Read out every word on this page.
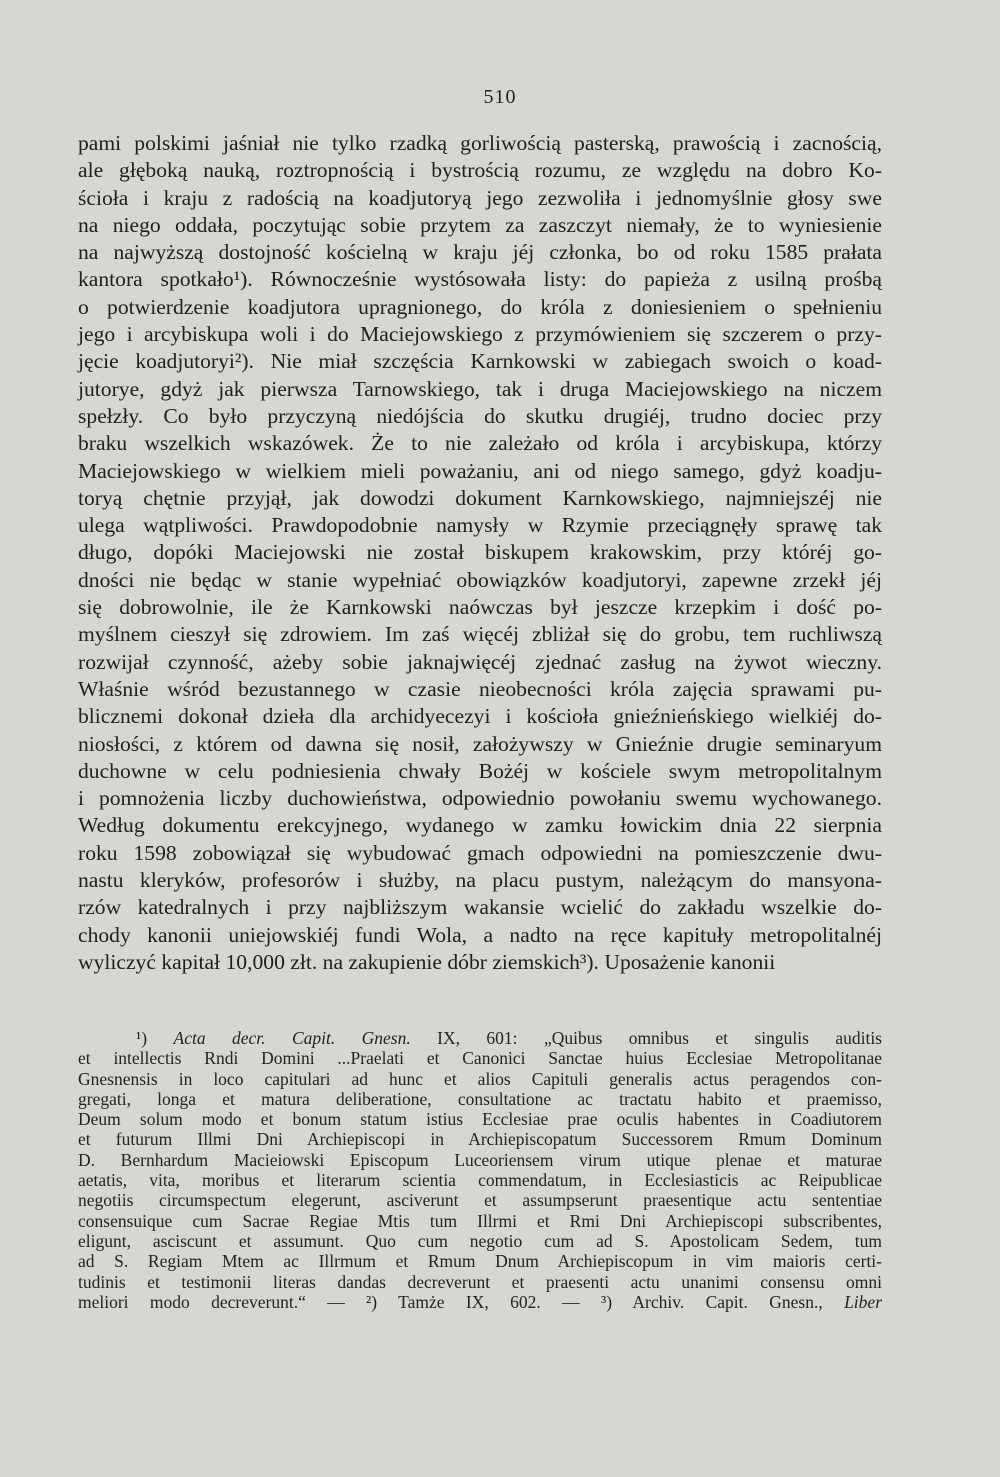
510
pami polskimi jaśniał nie tylko rzadką gorliwością pasterską, prawością i zacnością,
ale głęboką nauką, roztropnością i bystrością rozumu, ze względu na dobro Ko-
ścioła i kraju z radością na koadjutoryą jego zezwoliła i jednomyślnie głosy swe
na niego oddała, poczytując sobie przytem za zaszczyt niemały, że to wyniesienie
na najwyższą dostojność kościelną w kraju jéj członka, bo od roku 1585 prałata
kantora spotkało¹). Równocześnie wystósowała listy: do papieża z usilną prośbą
o potwierdzenie koadjutora upragnionego, do króla z doniesieniem o spełnieniu
jego i arcybiskupa woli i do Maciejowskiego z przymówieniem się szczerem o przy-
jęcie koadjutoryi²). Nie miał szczęścia Karnkowski w zabiegach swoich o koad-
jutorye, gdyż jak pierwsza Tarnowskiego, tak i druga Maciejowskiego na niczem
spełzły. Co było przyczyną niedójścia do skutku drugiéj, trudno dociec przy
braku wszelkich wskazówek. Że to nie zależało od króla i arcybiskupa, którzy
Maciejowskiego w wielkiem mieli poważaniu, ani od niego samego, gdyż koadju-
toryą chętnie przyjął, jak dowodzi dokument Karnkowskiego, najmniejszéj nie
ulega wątpliwości. Prawdopodobnie namysły w Rzymie przeciągnęły sprawę tak
długo, dopóki Maciejowski nie został biskupem krakowskim, przy któréj go-
dności nie będąc w stanie wypełniać obowiązków koadjutoryi, zapewne zrzekł jéj
się dobrowolnie, ile że Karnkowski naówczas był jeszcze krzepkim i dość po-
myślnem cieszył się zdrowiem. Im zaś więcéj zbliżał się do grobu, tem ruchliwszą
rozwijał czynność, ażeby sobie jaknajwięcéj zjednać zasług na żywot wieczny.
Właśnie wśród bezustannego w czasie nieobecności króla zajęcia sprawami pu-
blicznemi dokonał dzieła dla archidyecezyi i kościoła gnieźnieńskiego wielkiéj do-
niosłości, z którem od dawna się nosił, założywszy w Gnieźnie drugie seminaryum
duchowne w celu podniesienia chwały Bożéj w kościele swym metropolitalnym
i pomnożenia liczby duchowieństwa, odpowiednio powołaniu swemu wychowanego.
Według dokumentu erekcyjnego, wydanego w zamku łowickim dnia 22 sierpnia
roku 1598 zobowiązał się wybudować gmach odpowiedni na pomieszczenie dwu-
nastu kleryków, profesorów i służby, na placu pustym, należącym do mansyona-
rzów katedralnych i przy najbliższym wakansie wcielić do zakładu wszelkie do-
chody kanonii uniejowskiéj fundi Wola, a nadto na ręce kapituły metropolitalnéj
wyliczyć kapitał 10,000 złt. na zakupienie dóbr ziemskich³). Uposażenie kanonii
¹) Acta decr. Capit. Gnesn. IX, 601: „Quibus omnibus et singulis auditis
et intellectis Rndi Domini ...Praelati et Canonici Sanctae huius Ecclesiae Metropolitanae
Gnesnensis in loco capitulari ad hunc et alios Capituli generalis actus peragendos con-
gregati, longa et matura deliberatione, consultatione ac tractatu habito et praemisso,
Deum solum modo et bonum statum istius Ecclesiae prae oculis habentes in Coadiutorem
et futurum Illmi Dni Archiepiscopi in Archiepiscopatum Successorem Rmum Dominum
D. Bernhardum Macieiowski Episcopum Luceoriensem virum utique plenae et maturae
aetatis, vita, moribus et literarum scientia commendatum, in Ecclesiasticis ac Reipublicae
negotiis circumspectum elegerunt, asciverunt et assumpserunt praesentique actu sententiae
consensuique cum Sacrae Regiae Mtis tum Illrmi et Rmi Dni Archiepiscopi subscribentes,
eligunt, asciscunt et assumunt. Quo cum negotio cum ad S. Apostolicam Sedem, tum
ad S. Regiam Mtem ac Illrmum et Rmum Dnum Archiepiscopum in vim maioris certi-
tudinis et testimonii literas dandas decreverunt et praesenti actu unanimi consensu omni
meliori modo decreverunt.“ — ²) Tamże IX, 602. — ³) Archiv. Capit. Gnesn., Liber
